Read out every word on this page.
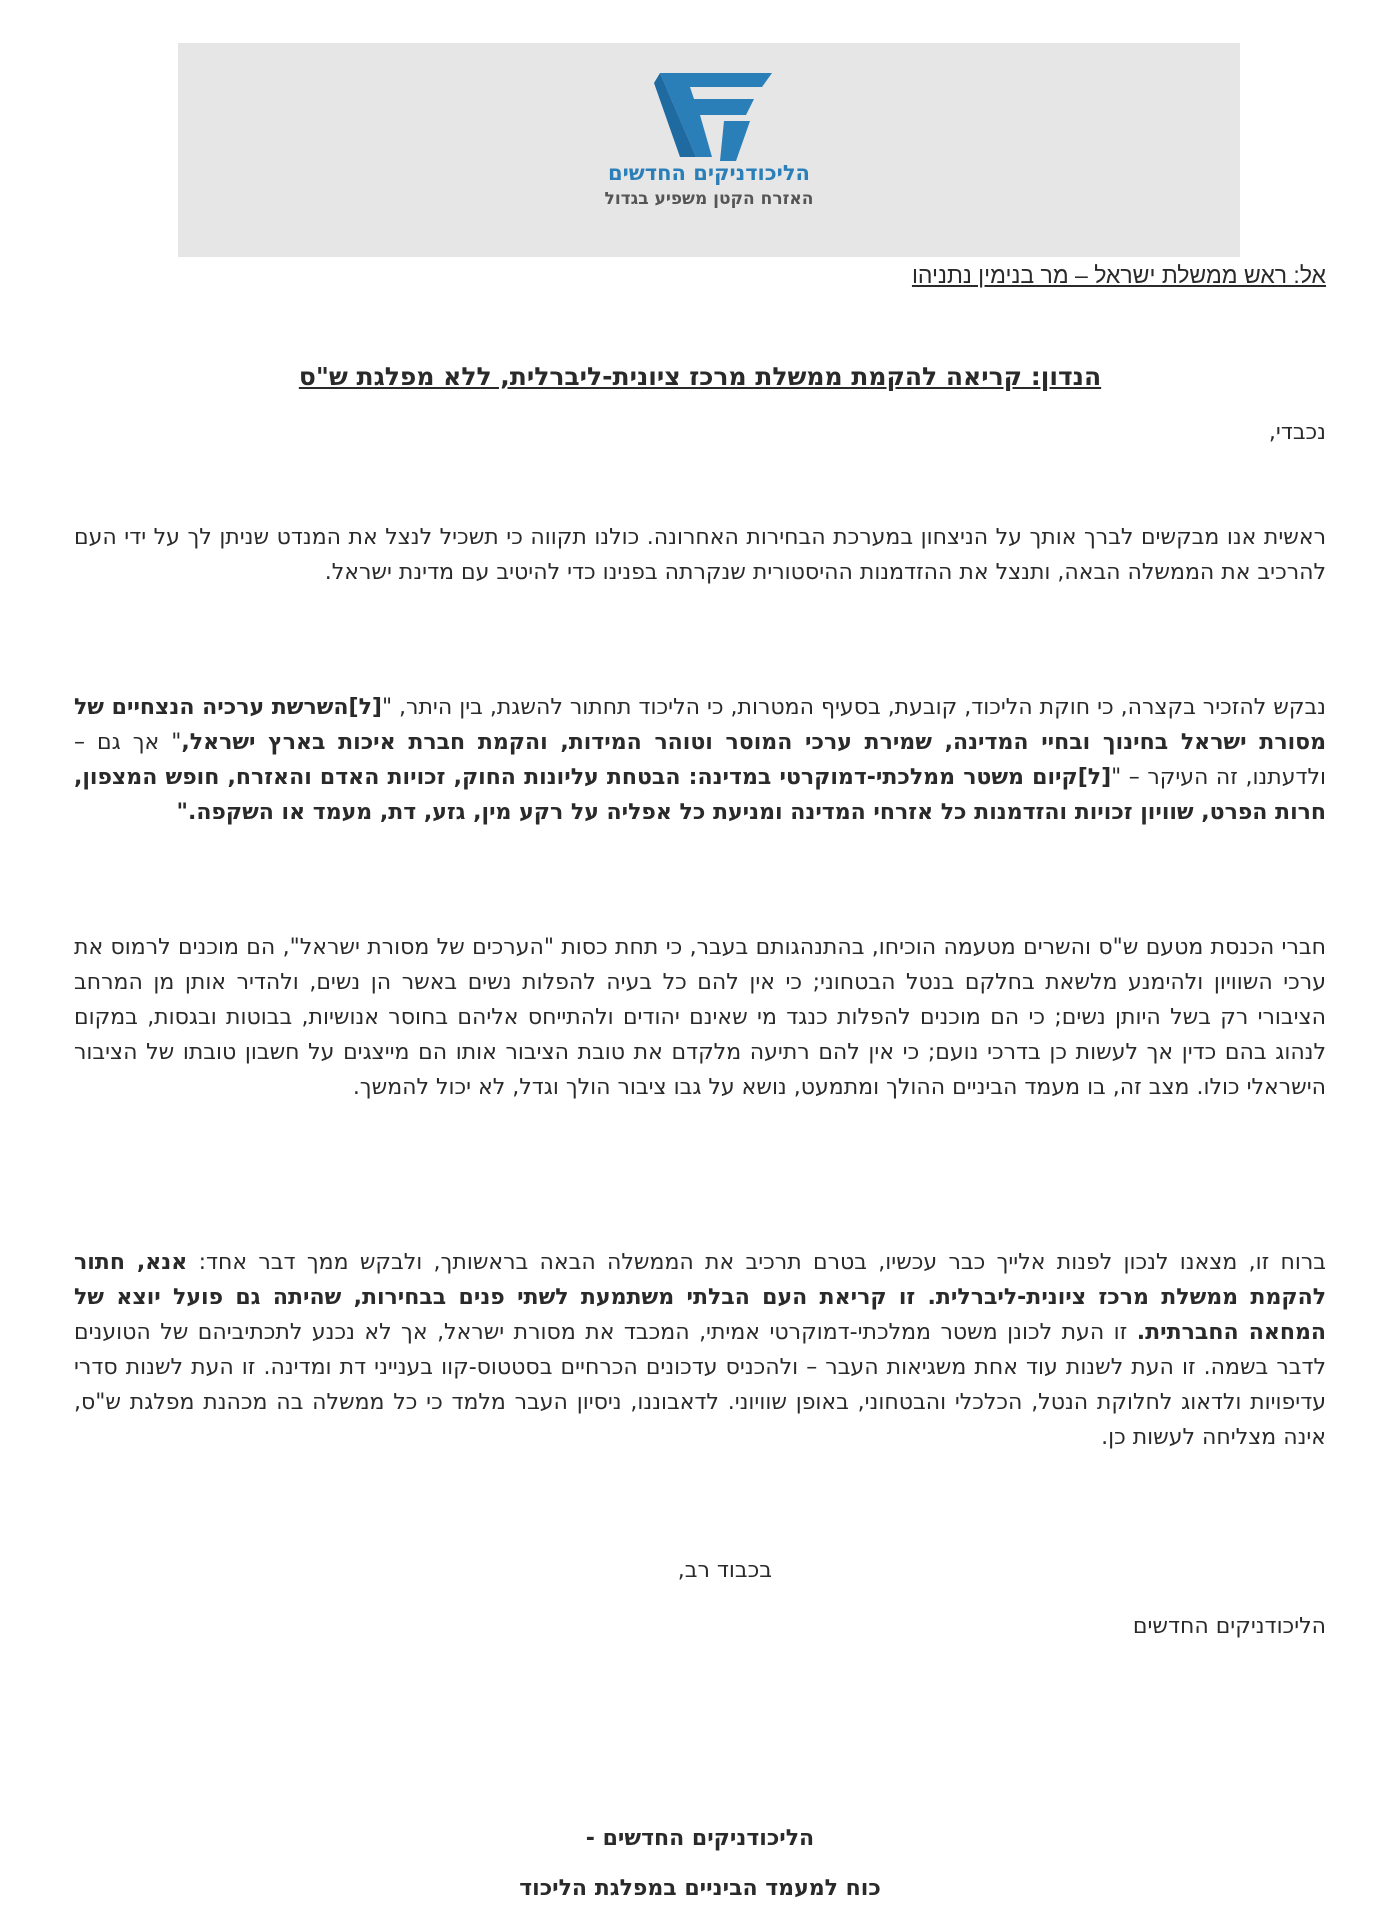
הליכודניקים החדשים
האזרח הקטן משפיע בגדול
אל: ראש ממשלת ישראל – מר בנימין נתניהו
הנדון: קריאה להקמת ממשלת מרכז ציונית-ליברלית, ללא מפלגת ש"ס
נכבדי,
ראשית אנו מבקשים לברך אותך על הניצחון במערכת הבחירות האחרונה. כולנו תקווה כי תשכיל לנצל את המנדט שניתן לך על ידי העם להרכיב את הממשלה הבאה, ותנצל את ההזדמנות ההיסטורית שנקרתה בפנינו כדי להיטיב עם מדינת ישראל.
נבקש להזכיר בקצרה, כי חוקת הליכוד, קובעת, בסעיף המטרות, כי הליכוד תחתור להשגת, בין היתר, "[ל]השרשת ערכיה הנצחיים של מסורת ישראל בחינוך ובחיי המדינה, שמירת ערכי המוסר וטוהר המידות, והקמת חברת איכות בארץ ישראל," אך גם – ולדעתנו, זה העיקר – "[ל]קיום משטר ממלכתי-דמוקרטי במדינה: הבטחת עליונות החוק, זכויות האדם והאזרח, חופש המצפון, חרות הפרט, שוויון זכויות והזדמנות כל אזרחי המדינה ומניעת כל אפליה על רקע מין, גזע, דת, מעמד או השקפה."
חברי הכנסת מטעם ש"ס והשרים מטעמה הוכיחו, בהתנהגותם בעבר, כי תחת כסות "הערכים של מסורת ישראל", הם מוכנים לרמוס את ערכי השוויון ולהימנע מלשאת בחלקם בנטל הבטחוני; כי אין להם כל בעיה להפלות נשים באשר הן נשים, ולהדיר אותן מן המרחב הציבורי רק בשל היותן נשים; כי הם מוכנים להפלות כנגד מי שאינם יהודים ולהתייחס אליהם בחוסר אנושיות, בבוטות ובגסות, במקום לנהוג בהם כדין אך לעשות כן בדרכי נועם; כי אין להם רתיעה מלקדם את טובת הציבור אותו הם מייצגים על חשבון טובתו של הציבור הישראלי כולו. מצב זה, בו מעמד הביניים ההולך ומתמעט, נושא על גבו ציבור הולך וגדל, לא יכול להמשך.
ברוח זו, מצאנו לנכון לפנות אלייך כבר עכשיו, בטרם תרכיב את הממשלה הבאה בראשותך, ולבקש ממך דבר אחד: אנא, חתור להקמת ממשלת מרכז ציונית-ליברלית. זו קריאת העם הבלתי משתמעת לשתי פנים בבחירות, שהיתה גם פועל יוצא של המחאה החברתית. זו העת לכונן משטר ממלכתי-דמוקרטי אמיתי, המכבד את מסורת ישראל, אך לא נכנע לתכתיביהם של הטוענים לדבר בשמה. זו העת לשנות עוד אחת משגיאות העבר – ולהכניס עדכונים הכרחיים בסטטוס-קוו בענייני דת ומדינה. זו העת לשנות סדרי עדיפויות ולדאוג לחלוקת הנטל, הכלכלי והבטחוני, באופן שוויוני. לדאבוננו, ניסיון העבר מלמד כי כל ממשלה בה מכהנת מפלגת ש"ס, אינה מצליחה לעשות כן.
בכבוד רב,
הליכודניקים החדשים
הליכודניקים החדשים -
כוח למעמד הביניים במפלגת הליכוד
